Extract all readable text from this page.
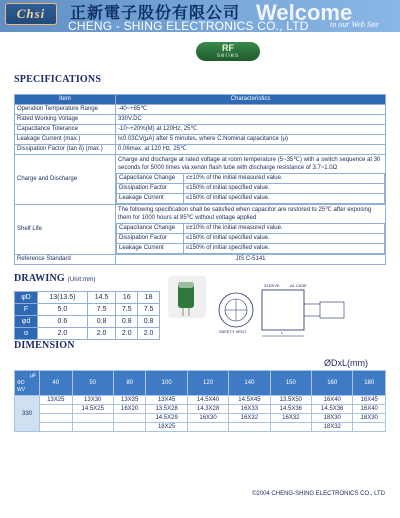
Chsi	正新電子股份有限公司
CHENG - SHING ELECTRONICS CO., LTD
Welcome
to our Web Site
RF
series
SPECIFICATIONS
Item	Characteristics
Operation Temperature Range	-40~+85℃
Rated Working Voltage	330V.DC
Capacitance Tolerance	-10~+20%(M) at 120Hz, 25℃
Leakage Current (max.)	I≤0.03CV(μA) after 5 minutes, where C:Nominal capacitance (μ)
Dissipation Factor (tan δ) (max.)	0.06max. at 120 Hz, 25℃
Charge and Discharge	
Charge and discharge at rated voltage at room temperature (5~35℃) with a switch sequence at 30 seconds for 5000 times via xenon flash tube with discharge resistance of 3.7~1.0Ω
Capacitance Change	≤±10% of the initial measured value.
Dissipation Factor	≤150% of initial specified value.
Leakage Current	≤150% of initial specified value.

Shelf Life	
The following specification shall be satisfied when capacitor are restored to 25℃ after exposing them for 1000 hours at 85℃ without voltage applied
Capacitance Change	≤±10% of the initial measured value.
Dissipation Factor	≤150% of initial specified value.
Leakage Current	≤150% of initial specified value.

Reference Standard	JIS C-5141
DRAWING (Unit:mm)
φD	13(13.5)	14.5	16	18
F	5.0	7.5	7.5	7.5
φd	0.6	0.8	0.8	0.8
α	2.0	2.0	2.0	2.0
SLEEVE	AL CASE
SAFETY VENT	L
DIMENSION
ØDxL(mm)
μF
ΦD
WV	40	50	80	100	120	140	150	160	180
330	13X25	13X30	13X35	13X45	14.5X40	14.5X45	13.5X50	16X40	16X45
		14.5X25	16X20	13.5X28	14.3X28	16X33	14.5X36	14.5X36	16X40
				14.5X29	16X30	16X32	16X32	18X30	18X30
				18X25				18X32	
©2004 CHENG-SHING ELECTRONICS CO., LTD
